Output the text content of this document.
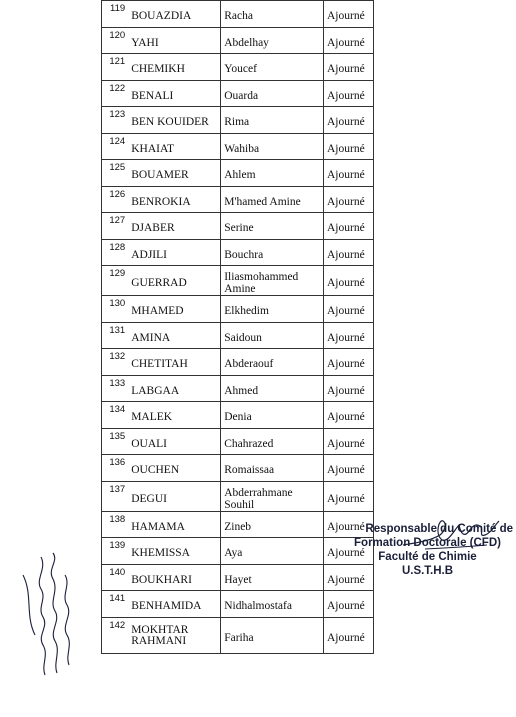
119	BOUAZDIA	Racha	Ajourné
120	YAHI	Abdelhay	Ajourné
121	CHEMIKH	Youcef	Ajourné
122	BENALI	Ouarda	Ajourné
123	BEN KOUIDER	Rima	Ajourné
124	KHAIAT	Wahiba	Ajourné
125	BOUAMER	Ahlem	Ajourné
126	BENROKIA	M'hamed Amine	Ajourné
127	DJABER	Serine	Ajourné
128	ADJILI	Bouchra	Ajourné
129	GUERRAD	Iliasmohammed Amine	Ajourné
130	MHAMED	Elkhedim	Ajourné
131	AMINA	Saidoun	Ajourné
132	CHETITAH	Abderaouf	Ajourné
133	LABGAA	Ahmed	Ajourné
134	MALEK	Denia	Ajourné
135	OUALI	Chahrazed	Ajourné
136	OUCHEN	Romaissaa	Ajourné
137	DEGUI	Abderrahmane Souhil	Ajourné
138	HAMAMA	Zineb	Ajourné
139	KHEMISSA	Aya	Ajourné
140	BOUKHARI	Hayet	Ajourné
141	BENHAMIDA	Nidhalmostafa	Ajourné
142	MOKHTAR RAHMANI	Fariha	Ajourné
Responsable du Comité de
Formation Doctorale (CFD)
Faculté de Chimie
U.S.T.H.B
